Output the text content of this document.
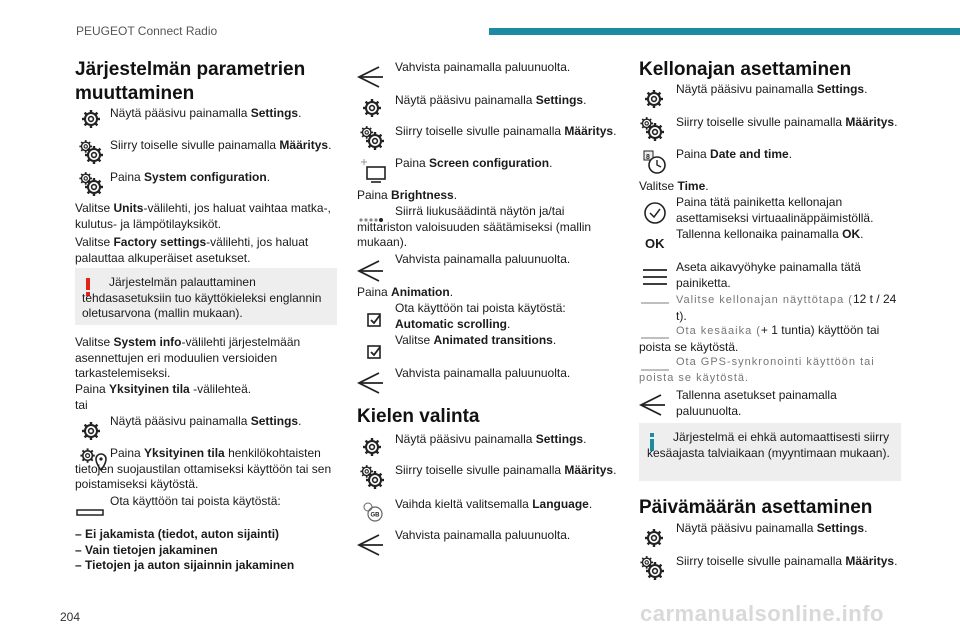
PEUGEOT Connect Radio
204	carmanualsonline.info
Järjestelmän parametrien muuttaminen
Näytä pääsivu painamalla Settings.
Siirry toiselle sivulle painamalla Määritys.
Paina System configuration.
Valitse Units-välilehti, jos haluat vaihtaa matka-, kulutus- ja lämpötilayksiköt.
Valitse Factory settings-välilehti, jos haluat palauttaa alkuperäiset asetukset.
Järjestelmän palauttaminen tehdasasetuksiin tuo käyttökieleksi englannin oletusarvona (mallin mukaan).
Valitse System info-välilehti järjestelmään asennettujen eri moduulien versioiden tarkastelemiseksi.
Paina Yksityinen tila -välilehteä.
tai
Näytä pääsivu painamalla Settings.
Paina Yksityinen tila henkilökohtaisten tietojen suojaustilan ottamiseksi käyttöön tai sen poistamiseksi käytöstä.
Ota käyttöön tai poista käytöstä:
– Ei jakamista (tiedot, auton sijainti)
– Vain tietojen jakaminen
– Tietojen ja auton sijainnin jakaminen
Vahvista painamalla paluunuolta.
Näytä pääsivu painamalla Settings.
Siirry toiselle sivulle painamalla Määritys.
Paina Screen configuration.
Paina Brightness.
Siirrä liukusäädintä näytön ja/tai mittariston valoisuuden säätämiseksi (mallin mukaan).
Vahvista painamalla paluunuolta.
Paina Animation.
Ota käyttöön tai poista käytöstä:
Automatic scrolling.
Valitse Animated transitions.
Vahvista painamalla paluunuolta.
Kielen valinta
Näytä pääsivu painamalla Settings.
Siirry toiselle sivulle painamalla Määritys.
GB
Vaihda kieltä valitsemalla Language.
Vahvista painamalla paluunuolta.
Kellonajan asettaminen
Näytä pääsivu painamalla Settings.
Siirry toiselle sivulle painamalla Määritys.
8 Paina Date and time.
Valitse Time.
Paina tätä painiketta kellonajan asettamiseksi virtuaalinäppäimistöllä.
OK
Tallenna kellonaika painamalla OK.
Aseta aikavyöhyke painamalla tätä painiketta.
Valitse kellonajan näyttötapa (12 t / 24 t).
Ota kesäaika (+ 1 tuntia) käyttöön tai poista se käytöstä.
Ota GPS-synkronointi käyttöön tai poista se käytöstä.
Tallenna asetukset painamalla paluunuolta.
Järjestelmä ei ehkä automaattisesti siirry kesäajasta talviaikaan (myyntimaan mukaan).
Päivämäärän asettaminen
Näytä pääsivu painamalla Settings.
Siirry toiselle sivulle painamalla Määritys.
